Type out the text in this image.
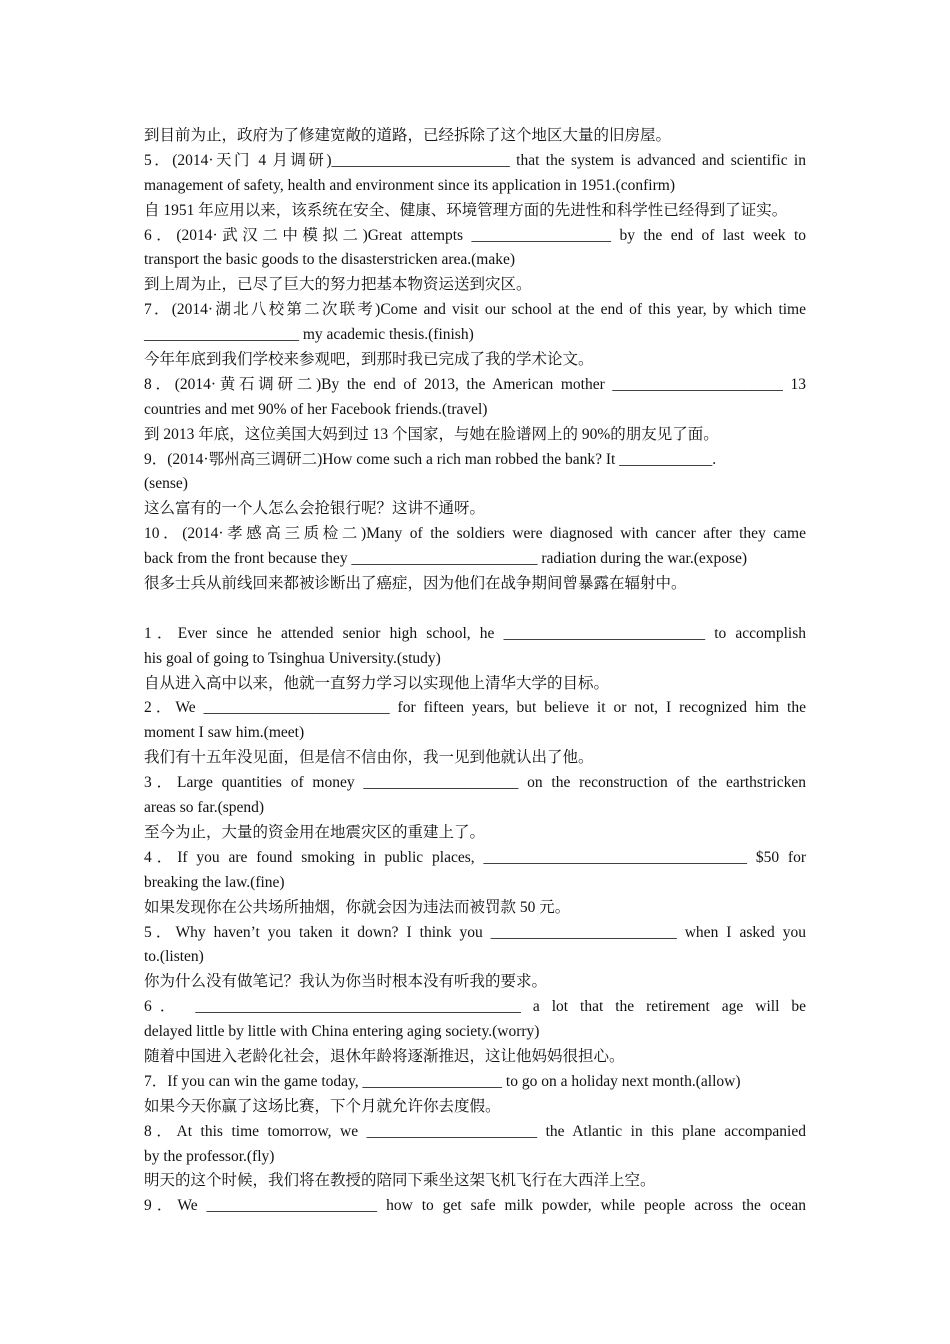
到目前为止，政府为了修建宽敞的道路，已经拆除了这个地区大量的旧房屋。
5．(2014·天门 4 月调研)_______________________ that the system is advanced and scientific in
management of safety, health and environment since its application in 1951.(confirm)
自 1951 年应用以来，该系统在安全、健康、环境管理方面的先进性和科学性已经得到了证实。
6．(2014·武汉二中模拟二)Great attempts __________________ by the end of last week to
transport the basic goods to the disasterstricken area.(make)
到上周为止，已尽了巨大的努力把基本物资运送到灾区。
7．(2014·湖北八校第二次联考)Come and visit our school at the end of this year, by which time
____________________ my academic thesis.(finish)
今年年底到我们学校来参观吧，到那时我已完成了我的学术论文。
8．(2014·黄石调研二)By the end of 2013, the American mother ______________________ 13
countries and met 90% of her Facebook friends.(travel)
到 2013 年底，这位美国大妈到过 13 个国家，与她在脸谱网上的 90%的朋友见了面。
9．(2014·鄂州高三调研二)How come such a rich man robbed the bank? It ____________.
(sense)
这么富有的一个人怎么会抢银行呢？这讲不通呀。
10．(2014·孝感高三质检二)Many of the soldiers were diagnosed with cancer after they came
back from the front because they ________________________ radiation during the war.(expose)
很多士兵从前线回来都被诊断出了癌症，因为他们在战争期间曾暴露在辐射中。
1．Ever since he attended senior high school, he __________________________ to accomplish
his goal of going to Tsinghua University.(study)
自从进入高中以来，他就一直努力学习以实现他上清华大学的目标。
2．We ________________________ for fifteen years, but believe it or not, I recognized him the
moment I saw him.(meet)
我们有十五年没见面，但是信不信由你，我一见到他就认出了他。
3．Large quantities of money ____________________ on the reconstruction of the earthstricken
areas so far.(spend)
至今为止，大量的资金用在地震灾区的重建上了。
4．If you are found smoking in public places, __________________________________ $50 for
breaking the law.(fine)
如果发现你在公共场所抽烟，你就会因为违法而被罚款 50 元。
5．Why haven’t you taken it down? I think you ________________________ when I asked you
to.(listen)
你为什么没有做笔记？我认为你当时根本没有听我的要求。
6． __________________________________________ a lot that the retirement age will be
delayed little by little with China entering aging society.(worry)
随着中国进入老龄化社会，退休年龄将逐渐推迟，这让他妈妈很担心。
7．If you can win the game today, __________________ to go on a holiday next month.(allow)
如果今天你赢了这场比赛，下个月就允许你去度假。
8．At this time tomorrow, we ______________________ the Atlantic in this plane accompanied
by the professor.(fly)
明天的这个时候，我们将在教授的陪同下乘坐这架飞机飞行在大西洋上空。
9．We ______________________ how to get safe milk powder, while people across the ocean
